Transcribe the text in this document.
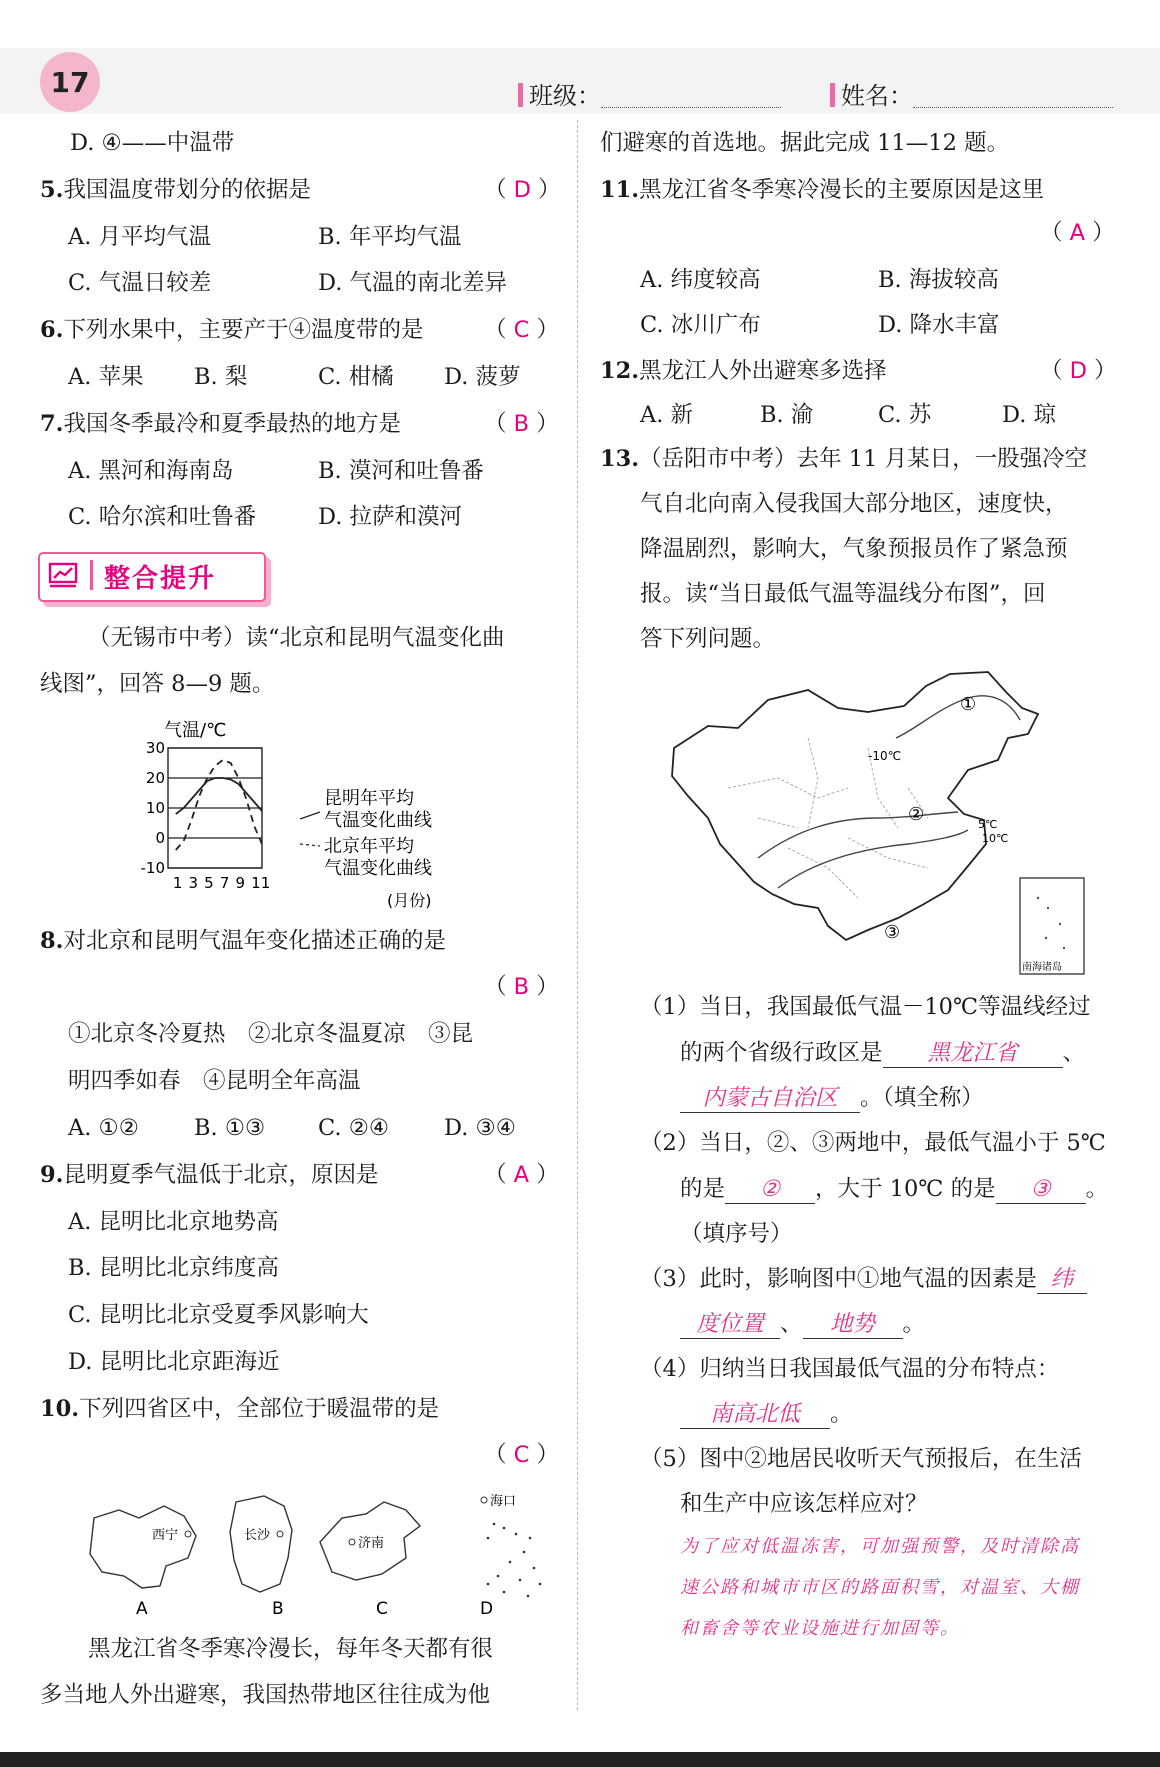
17	班级：	姓名：
D. ④——中温带
5.我国温度带划分的依据是	（ D ）
A. 月平均气温	B. 年平均气温
C. 气温日较差	D. 气温的南北差异
6.下列水果中，主要产于④温度带的是	（ C ）
A. 苹果 B. 梨	C. 柑橘 D. 菠萝
7.我国冬季最冷和夏季最热的地方是	（ B ）
A. 黑河和海南岛	B. 漠河和吐鲁番
C. 哈尔滨和吐鲁番	D. 拉萨和漠河
整合提升
（无锡市中考）读“北京和昆明气温变化曲
线图”，回答 8—9 题。
气温/℃
30
20
10
0
-10
1 3 5 7 9 11
(月份)
昆明年平均
气温变化曲线
北京年平均
气温变化曲线
8.对北京和昆明气温年变化描述正确的是
（ B ）
①北京冬冷夏热　②北京冬温夏凉　③昆
明四季如春　④昆明全年高温
A. ①② B. ①③ C. ②④ D. ③④
9.昆明夏季气温低于北京，原因是	（ A ）
A. 昆明比北京地势高
B. 昆明比北京纬度高
C. 昆明比北京受夏季风影响大
D. 昆明比北京距海近
10.下列四省区中，全部位于暖温带的是
（ C ）
西宁
A
长沙
B
济南
C
海口
D
黑龙江省冬季寒冷漫长，每年冬天都有很
多当地人外出避寒，我国热带地区往往成为他
们避寒的首选地。据此完成 11—12 题。
11.黑龙江省冬季寒冷漫长的主要原因是这里
（ A ）
A. 纬度较高	B. 海拔较高
C. 冰川广布	D. 降水丰富
12.黑龙江人外出避寒多选择	（ D ）
A. 新	B. 渝	C. 苏	D. 琼
13.（岳阳市中考）去年 11 月某日，一股强冷空
气自北向南入侵我国大部分地区，速度快，
降温剧烈，影响大，气象预报员作了紧急预
报。读“当日最低气温等温线分布图”，回
答下列问题。
-10℃
5℃
10℃
①
②
③
南海诸岛
（1）当日，我国最低气温－10℃等温线经过
的两个省级行政区是 黑龙江省 、
内蒙古自治区 。（填全称）
（2）当日，②、③两地中，最低气温小于 5℃
的是 ② ，大于 10℃ 的是 ③ 。
（填序号）
（3）此时，影响图中①地气温的因素是 纬
度位置 、 地势 。
（4）归纳当日我国最低气温的分布特点：
南高北低 。
（5）图中②地居民收听天气预报后，在生活
和生产中应该怎样应对？
为了应对低温冻害，可加强预警，及时清除高
速公路和城市市区的路面积雪，对温室、大棚
和畜舍等农业设施进行加固等。
